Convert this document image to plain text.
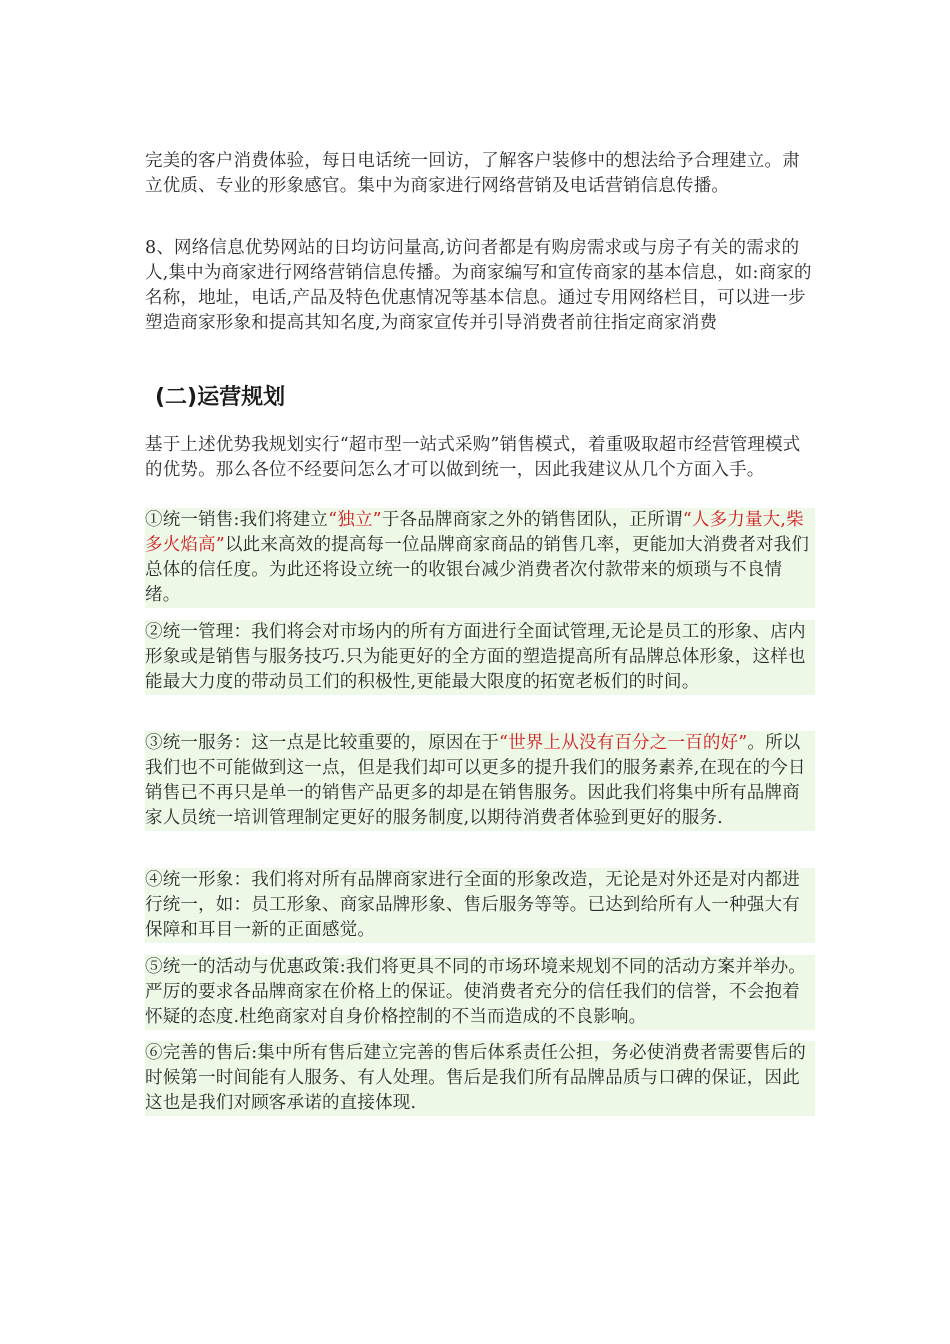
完美的客户消费体验，每日电话统一回访，了解客户装修中的想法给予合理建立。肃立优质、专业的形象感官。集中为商家进行网络营销及电话营销信息传播。

8、网络信息优势网站的日均访问量高,访问者都是有购房需求或与房子有关的需求的人,集中为商家进行网络营销信息传播。为商家编写和宣传商家的基本信息，如:商家的名称，地址，电话,产品及特色优惠情况等基本信息。通过专用网络栏目，可以进一步塑造商家形象和提高其知名度,为商家宣传并引导消费者前往指定商家消费

(二)运营规划

基于上述优势我规划实行“超市型一站式采购”销售模式，着重吸取超市经营管理模式的优势。那么各位不经要问怎么才可以做到统一，因此我建议从几个方面入手。

①统一销售:我们将建立“独立”于各品牌商家之外的销售团队，正所谓“人多力量大,柴多火焰高”以此来高效的提高每一位品牌商家商品的销售几率，更能加大消费者对我们总体的信任度。为此还将设立统一的收银台减少消费者次付款带来的烦琐与不良情绪。

②统一管理：我们将会对市场内的所有方面进行全面试管理,无论是员工的形象、店内形象或是销售与服务技巧.只为能更好的全方面的塑造提高所有品牌总体形象，这样也能最大力度的带动员工们的积极性,更能最大限度的拓宽老板们的时间。

③统一服务：这一点是比较重要的，原因在于“世界上从没有百分之一百的好”。所以我们也不可能做到这一点，但是我们却可以更多的提升我们的服务素养,在现在的今日销售已不再只是单一的销售产品更多的却是在销售服务。因此我们将集中所有品牌商家人员统一培训管理制定更好的服务制度,以期待消费者体验到更好的服务.

④统一形象：我们将对所有品牌商家进行全面的形象改造，无论是对外还是对内都进行统一，如：员工形象、商家品牌形象、售后服务等等。已达到给所有人一种强大有保障和耳目一新的正面感觉。

⑤统一的活动与优惠政策:我们将更具不同的市场环境来规划不同的活动方案并举办。严厉的要求各品牌商家在价格上的保证。使消费者充分的信任我们的信誉，不会抱着怀疑的态度.杜绝商家对自身价格控制的不当而造成的不良影响。

⑥完善的售后:集中所有售后建立完善的售后体系责任公担，务必使消费者需要售后的时候第一时间能有人服务、有人处理。售后是我们所有品牌品质与口碑的保证，因此这也是我们对顾客承诺的直接体现.
